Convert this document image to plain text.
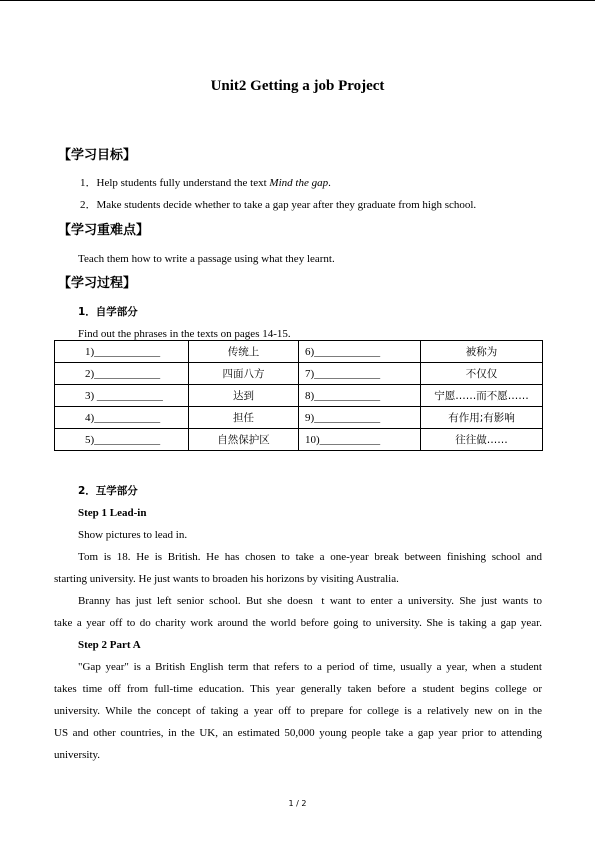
Unit2 Getting a job Project
【学习目标】
1．Help students fully understand the text Mind the gap.
2．Make students decide whether to take a gap year after they graduate from high school.
【学习重难点】
Teach them how to write a passage using what they learnt.
【学习过程】
1．自学部分
Find out the phrases in the texts on pages 14-15.
1)____________	传统上	6)____________	被称为
2)____________	四面八方	7)____________	不仅仅
3) ____________	达到	8)____________	宁愿……而不愿……
4)____________	担任	9)____________	有作用;有影响
5)____________	自然保护区	10)___________	往往做……
2．互学部分
Step 1 Lead-in
Show pictures to lead in.
Tom is 18. He is British. He has chosen to take a one-year break between finishing school and
starting university. He just wants to broaden his horizons by visiting Australia.
Branny has just left senior school. But she doesn t want to enter a university. She just wants to
take a year off to do charity work around the world before going to university. She is taking a gap year.
Step 2 Part A
"Gap year" is a British English term that refers to a period of time, usually a year, when a student
takes time off from full-time education. This year generally taken before a student begins college or
university. While the concept of taking a year off to prepare for college is a relatively new on in the
US and other countries, in the UK, an estimated 50,000 young people take a gap year prior to attending
university.
1 / 2
